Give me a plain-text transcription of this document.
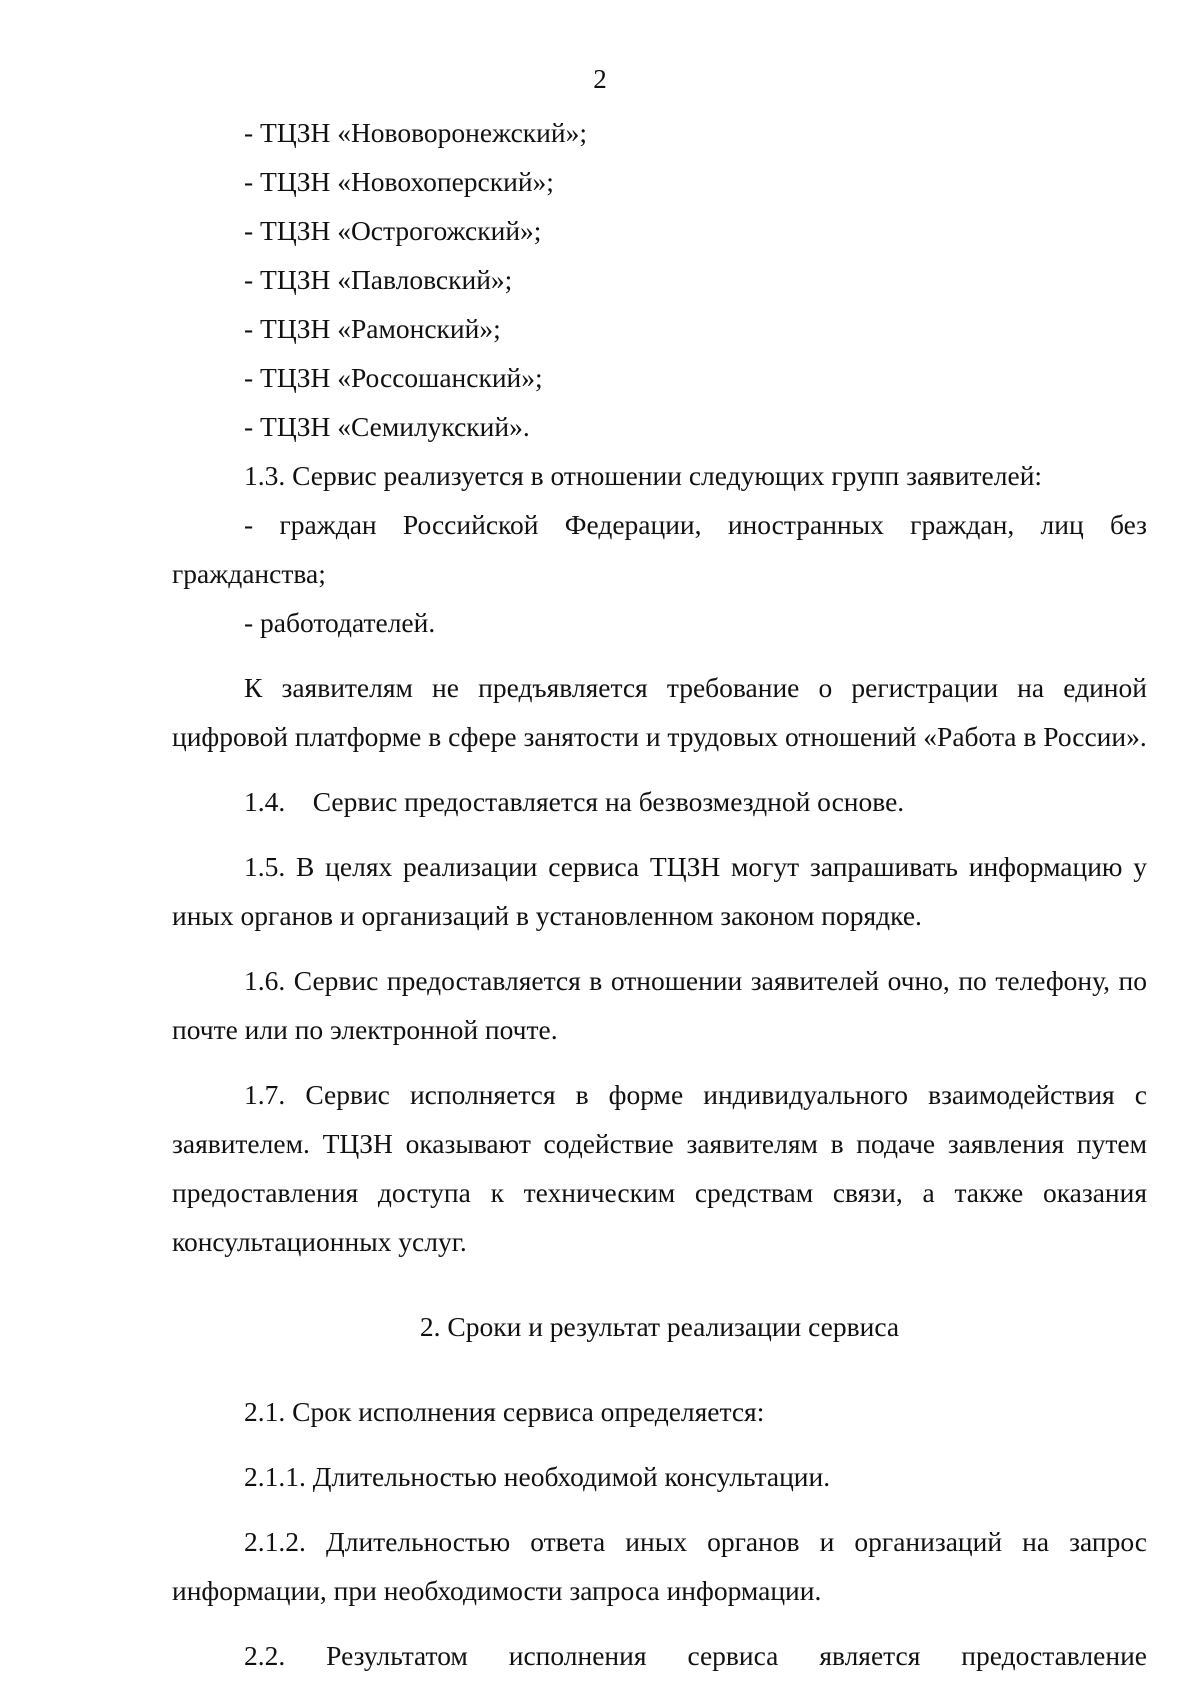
2

- ТЦЗН «Нововоронежский»;

- ТЦЗН «Новохоперский»;

- ТЦЗН «Острогожский»;

- ТЦЗН «Павловский»;

- ТЦЗН «Рамонский»;

- ТЦЗН «Россошанский»;

- ТЦЗН «Семилукский».

1.3. Сервис реализуется в отношении следующих групп заявителей:

- граждан Российской Федерации, иностранных граждан, лиц без гражданства;

- работодателей.

К заявителям не предъявляется требование о регистрации на единой цифровой платформе в сфере занятости и трудовых отношений «Работа в России».

1.4. Сервис предоставляется на безвозмездной основе.

1.5. В целях реализации сервиса ТЦЗН могут запрашивать информацию у иных органов и организаций в установленном законом порядке.

1.6. Сервис предоставляется в отношении заявителей очно, по телефону, по почте или по электронной почте.

1.7. Сервис исполняется в форме индивидуального взаимодействия с заявителем. ТЦЗН оказывают содействие заявителям в подаче заявления путем предоставления доступа к техническим средствам связи, а также оказания консультационных услуг.

2. Сроки и результат реализации сервиса

2.1. Срок исполнения сервиса определяется:

2.1.1. Длительностью необходимой консультации.

2.1.2. Длительностью ответа иных органов и организаций на запрос информации, при необходимости запроса информации.

2.2. Результатом исполнения сервиса является предоставление
